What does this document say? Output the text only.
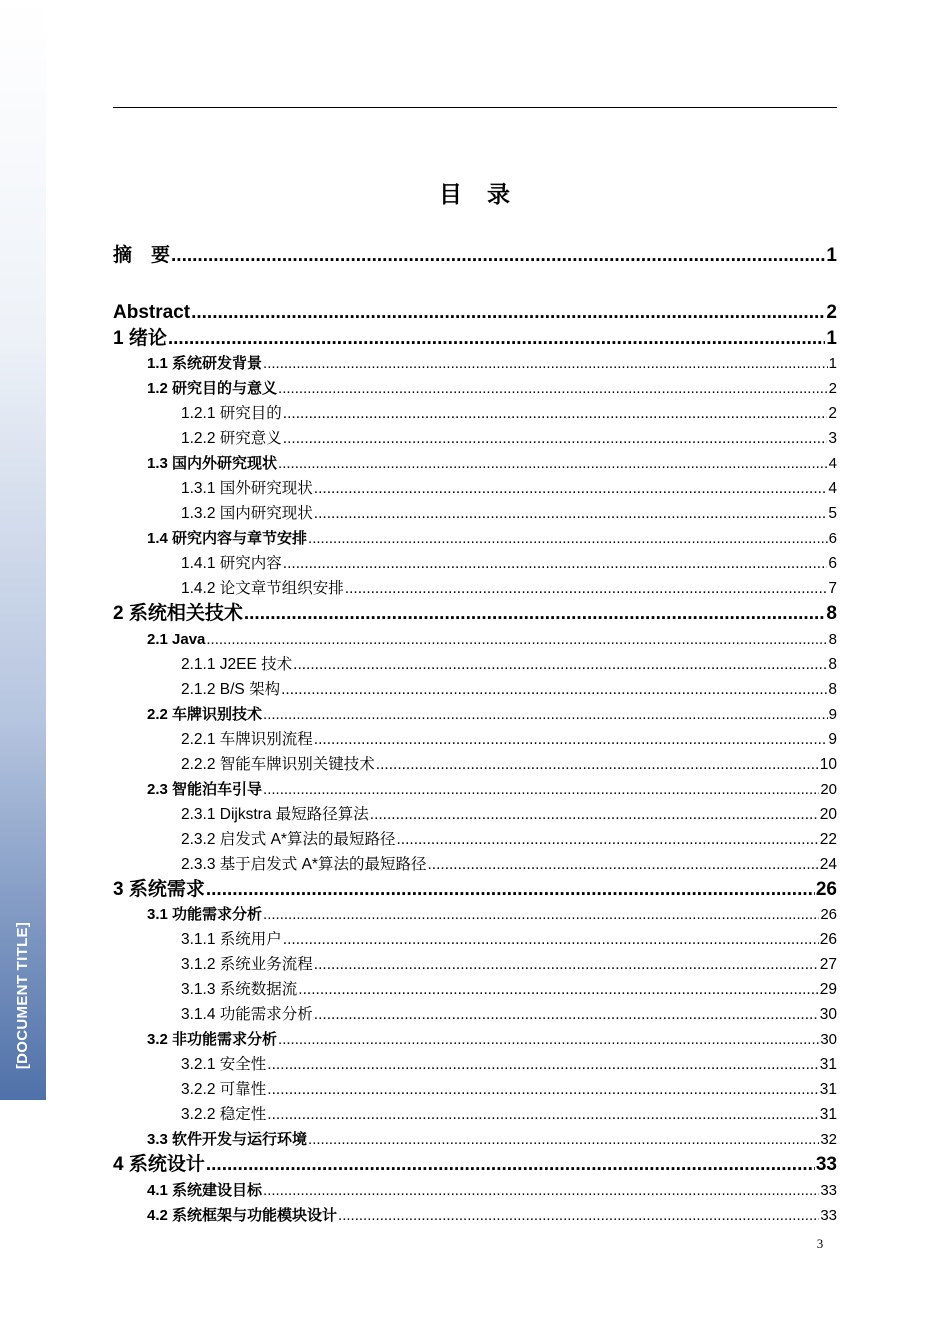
[DOCUMENT TITLE]
目　录
摘　要 .....	1
Abstract .....	2
1 绪论 .....	1
1.1 系统研发背景 .....	1
1.2 研究目的与意义 .....	2
1.2.1 研究目的 .....	2
1.2.2 研究意义 .....	3
1.3 国内外研究现状 .....	4
1.3.1 国外研究现状 .....	4
1.3.2 国内研究现状 .....	5
1.4 研究内容与章节安排 .....	6
1.4.1 研究内容 .....	6
1.4.2 论文章节组织安排 .....	7
2 系统相关技术 .....	8
2.1 Java .....	8
2.1.1 J2EE 技术 .....	8
2.1.2 B/S 架构 .....	8
2.2 车牌识别技术 .....	9
2.2.1 车牌识别流程 .....	9
2.2.2 智能车牌识别关键技术 .....	10
2.3 智能泊车引导 .....	20
2.3.1 Dijkstra 最短路径算法 .....	20
2.3.2 启发式 A*算法的最短路径 .....	22
2.3.3 基于启发式 A*算法的最短路径 .....	24
3 系统需求 .....	26
3.1 功能需求分析 .....	26
3.1.1 系统用户 .....	26
3.1.2 系统业务流程 .....	27
3.1.3 系统数据流 .....	29
3.1.4 功能需求分析 .....	30
3.2 非功能需求分析 .....	30
3.2.1 安全性 .....	31
3.2.2 可靠性 .....	31
3.2.2 稳定性 .....	31
3.3 软件开发与运行环境 .....	32
4 系统设计 .....	33
4.1 系统建设目标 .....	33
4.2 系统框架与功能模块设计 .....	33
3
